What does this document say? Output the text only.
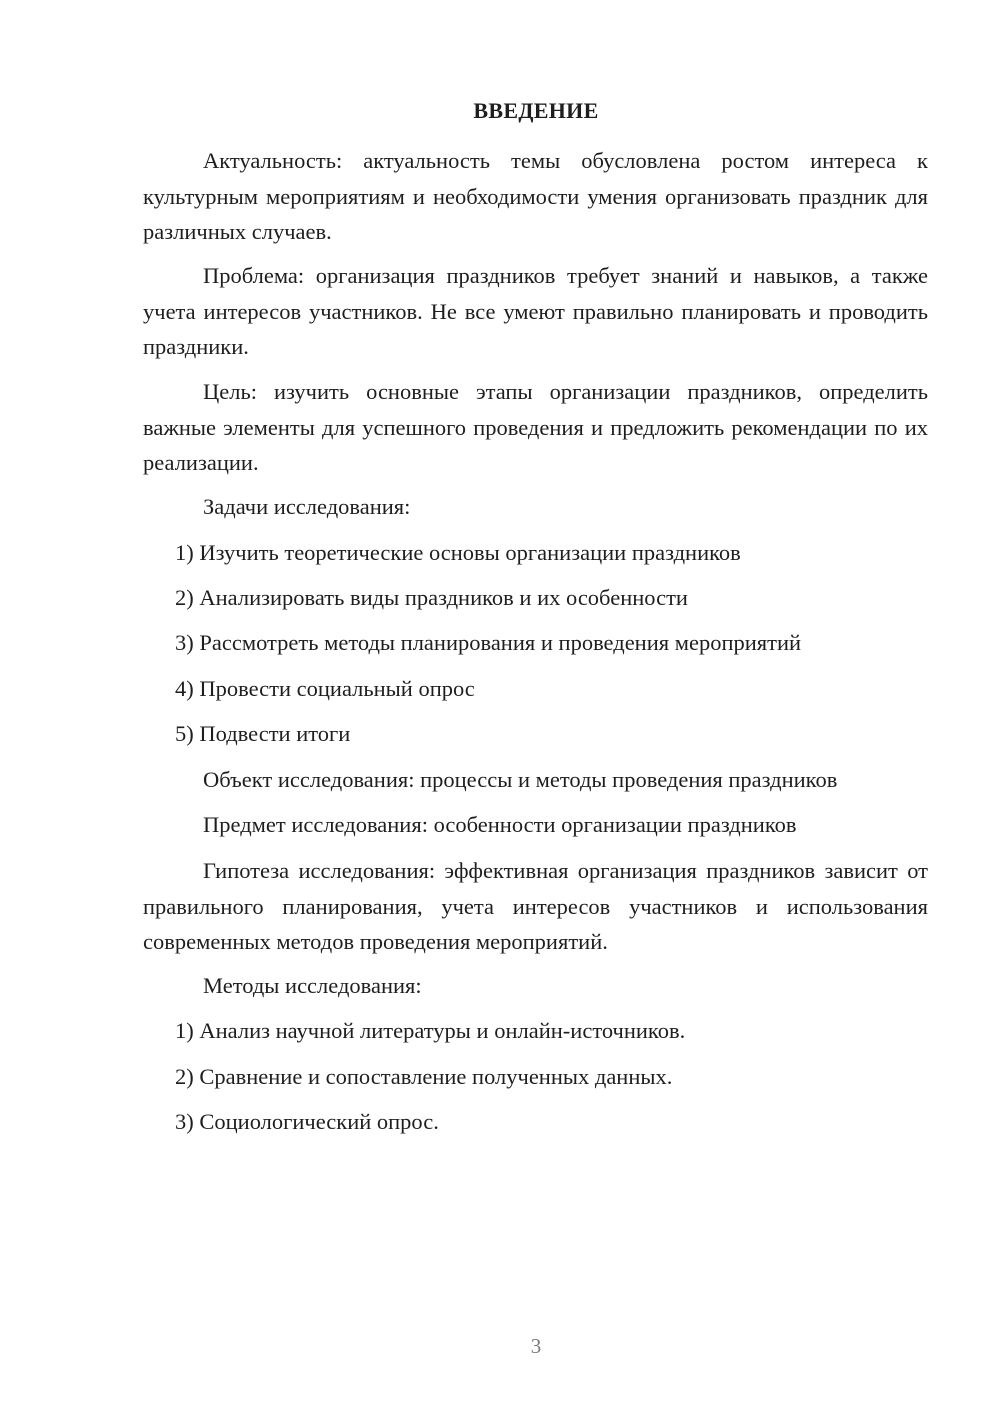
ВВЕДЕНИЕ
Актуальность: актуальность темы обусловлена ростом интереса к культурным мероприятиям и необходимости умения организовать праздник для различных случаев.
Проблема: организация праздников требует знаний и навыков, а также учета интересов участников. Не все умеют правильно планировать и проводить праздники.
Цель: изучить основные этапы организации праздников, определить важные элементы для успешного проведения и предложить рекомендации по их реализации.
Задачи исследования:
1) Изучить теоретические основы организации праздников
2) Анализировать виды праздников и их особенности
3) Рассмотреть методы планирования и проведения мероприятий
4) Провести социальный опрос
5) Подвести итоги
Объект исследования: процессы и методы проведения праздников
Предмет исследования: особенности организации праздников
Гипотеза исследования: эффективная организация праздников зависит от правильного планирования, учета интересов участников и использования современных методов проведения мероприятий.
Методы исследования:
1) Анализ научной литературы и онлайн-источников.
2) Сравнение и сопоставление полученных данных.
3) Социологический опрос.
3
